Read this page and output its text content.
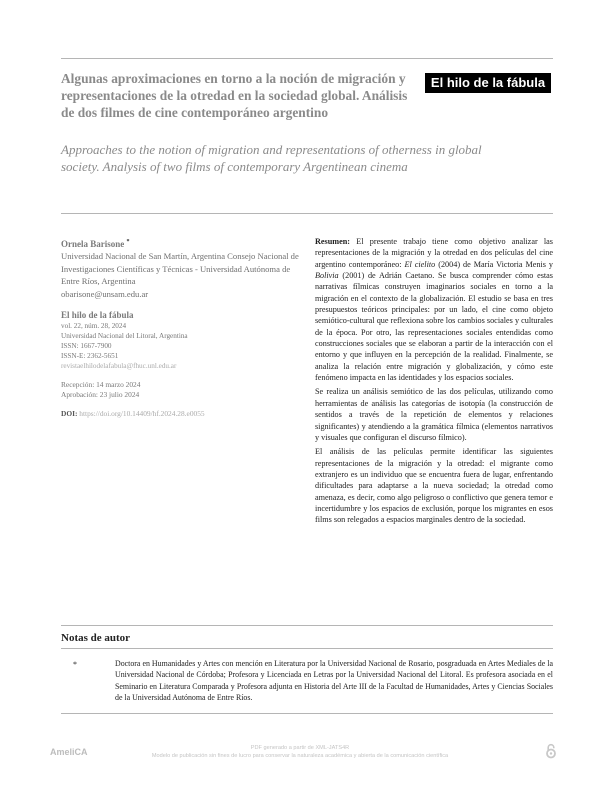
Algunas aproximaciones en torno a la noción de migración y representaciones de la otredad en la sociedad global. Análisis de dos filmes de cine contemporáneo argentino
El hilo de la fábula
Approaches to the notion of migration and representations of otherness in global society. Analysis of two films of contemporary Argentinean cinema
Ornela Barisone *
Universidad Nacional de San Martín, Argentina Consejo Nacional de Investigaciones Científicas y Técnicas - Universidad Autónoma de Entre Ríos, Argentina
obarisone@unsam.edu.ar
El hilo de la fábula
vol. 22, núm. 28, 2024
Universidad Nacional del Litoral, Argentina
ISSN: 1667-7900
ISSN-E: 2362-5651
revistaelhilodelafabula@fhuc.unl.edu.ar
Recepción: 14 marzo 2024
Aprobación: 23 julio 2024
DOI: https://doi.org/10.14409/hf.2024.28.e0055

Resumen: El presente trabajo tiene como objetivo analizar las representaciones de la migración y la otredad en dos películas del cine argentino contemporáneo: El cielito (2004) de María Victoria Menis y Bolivia (2001) de Adrián Caetano. Se busca comprender cómo estas narrativas fílmicas construyen imaginarios sociales en torno a la migración en el contexto de la globalización. El estudio se basa en tres presupuestos teóricos principales: por un lado, el cine como objeto semiótico-cultural que reflexiona sobre los cambios sociales y culturales de la época. Por otro, las representaciones sociales entendidas como construcciones sociales que se elaboran a partir de la interacción con el entorno y que influyen en la percepción de la realidad. Finalmente, se analiza la relación entre migración y globalización, y cómo este fenómeno impacta en las identidades y los espacios sociales.

Se realiza un análisis semiótico de las dos películas, utilizando como herramientas de análisis las categorías de isotopía (la construcción de sentidos a través de la repetición de elementos y relaciones significantes) y atendiendo a la gramática fílmica (elementos narrativos y visuales que configuran el discurso fílmico).

El análisis de las películas permite identificar las siguientes representaciones de la migración y la otredad: el migrante como extranjero es un individuo que se encuentra fuera de lugar, enfrentando dificultades para adaptarse a la nueva sociedad; la otredad como amenaza, es decir, como algo peligroso o conflictivo que genera temor e incertidumbre y los espacios de exclusión, porque los migrantes en esos films son relegados a espacios marginales dentro de la sociedad.

Notas de autor
*	Doctora en Humanidades y Artes con mención en Literatura por la Universidad Nacional de Rosario, posgraduada en Artes Mediales de la Universidad Nacional de Córdoba; Profesora y Licenciada en Letras por la Universidad Nacional del Litoral. Es profesora asociada en el Seminario en Literatura Comparada y Profesora adjunta en Historia del Arte III de la Facultad de Humanidades, Artes y Ciencias Sociales de la Universidad Autónoma de Entre Ríos.
AmeliCA	PDF generado a partir de XML-JATS4R
Modelo de publicación sin fines de lucro para conservar la naturaleza académica y abierta de la comunicación científica
